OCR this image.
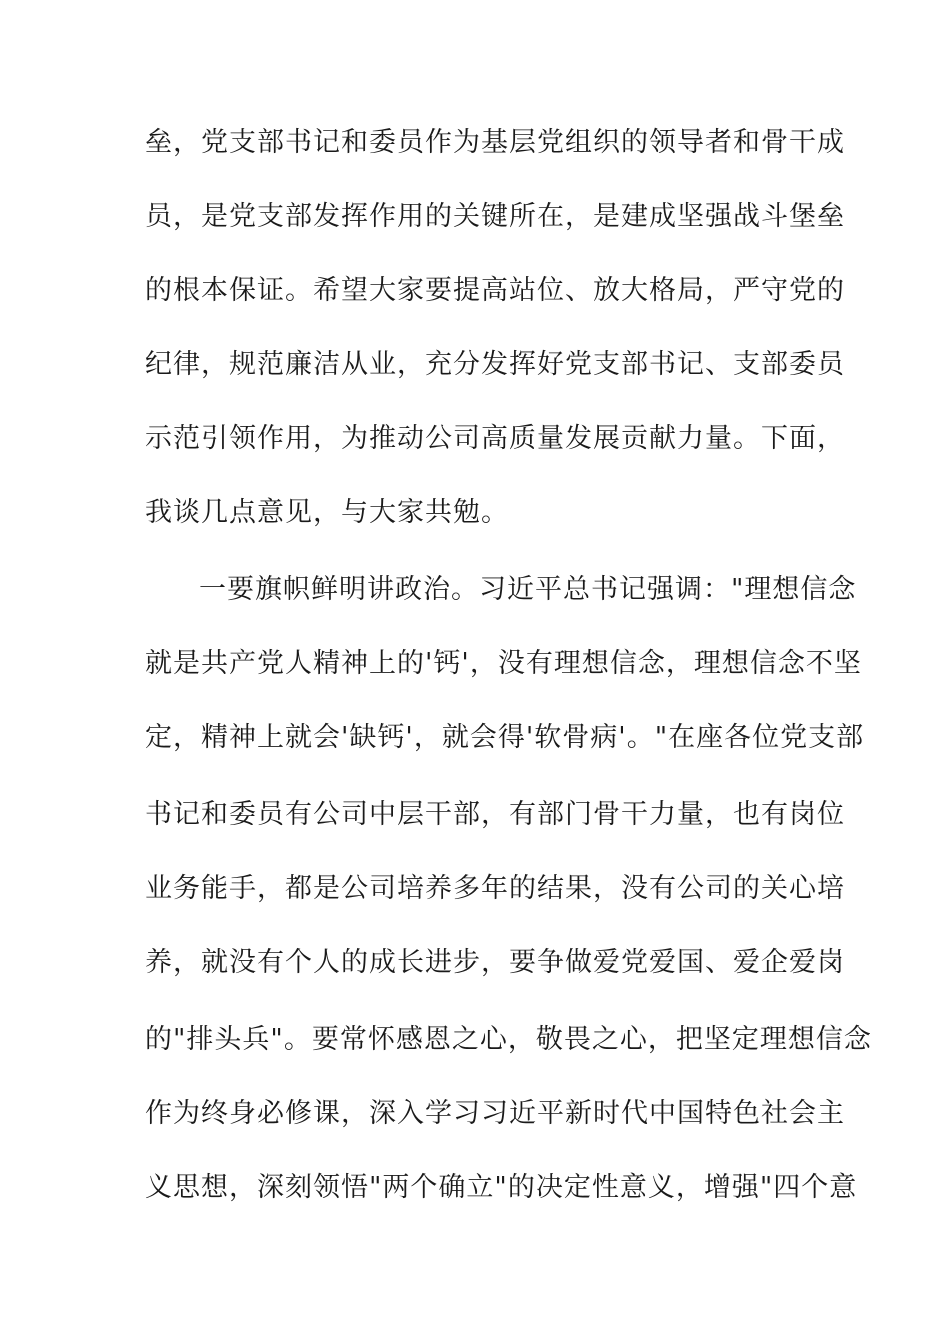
垒，党支部书记和委员作为基层党组织的领导者和骨干成
员，是党支部发挥作用的关键所在，是建成坚强战斗堡垒
的根本保证。希望大家要提高站位、放大格局，严守党的
纪律，规范廉洁从业，充分发挥好党支部书记、支部委员
示范引领作用，为推动公司高质量发展贡献力量。下面，
我谈几点意见，与大家共勉。
一要旗帜鲜明讲政治。习近平总书记强调："理想信念
就是共产党人精神上的'钙'，没有理想信念，理想信念不坚
定，精神上就会'缺钙'，就会得'软骨病'。"在座各位党支部
书记和委员有公司中层干部，有部门骨干力量，也有岗位
业务能手，都是公司培养多年的结果，没有公司的关心培
养，就没有个人的成长进步，要争做爱党爱国、爱企爱岗
的"排头兵"。要常怀感恩之心，敬畏之心，把坚定理想信念
作为终身必修课，深入学习习近平新时代中国特色社会主
义思想，深刻领悟"两个确立"的决定性意义，增强"四个意
